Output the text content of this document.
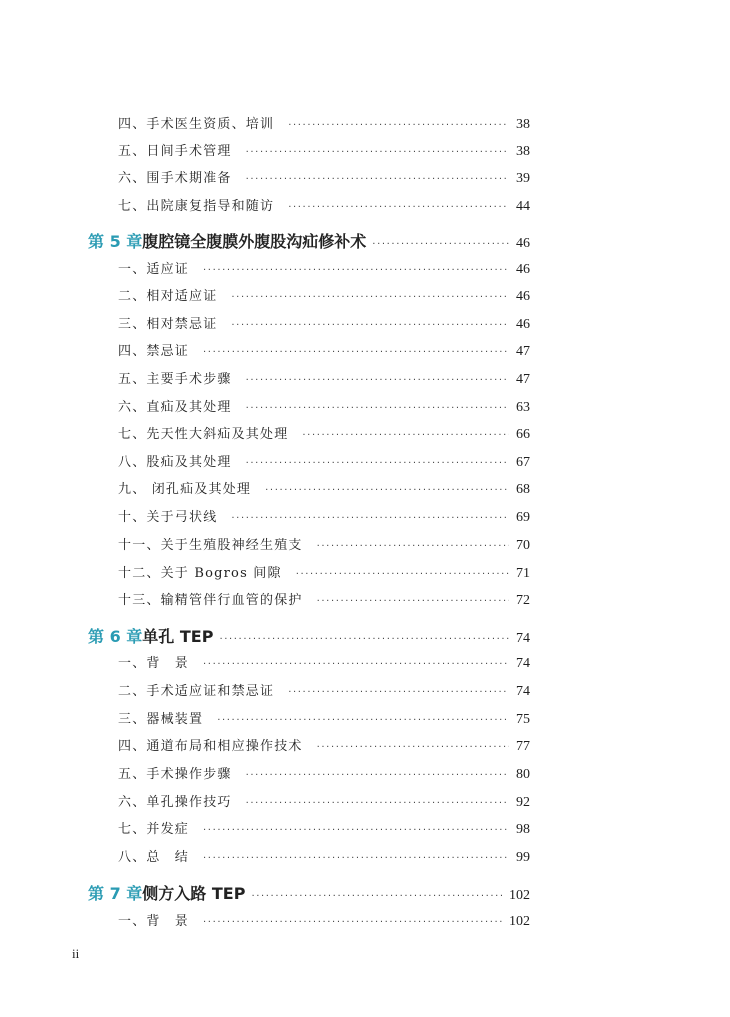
四、手术医生资质、培训 ·····	38
五、日间手术管理 ·····	38
六、围手术期准备 ·····	39
七、出院康复指导和随访 ·····	44
第 5 章 腹腔镜全腹膜外腹股沟疝修补术 ·····	46
一、适应证 ·····	46
二、相对适应证 ·····	46
三、相对禁忌证 ·····	46
四、禁忌证 ·····	47
五、主要手术步骤 ·····	47
六、直疝及其处理 ·····	63
七、先天性大斜疝及其处理 ·····	66
八、股疝及其处理 ·····	67
九、 闭孔疝及其处理 ·····	68
十、关于弓状线 ·····	69
十一、关于生殖股神经生殖支 ·····	70
十二、关于 Bogros 间隙 ·····	71
十三、输精管伴行血管的保护 ·····	72
第 6 章 单孔 TEP ·····	74
一、背　景 ·····	74
二、手术适应证和禁忌证 ·····	74
三、器械装置 ·····	75
四、通道布局和相应操作技术 ·····	77
五、手术操作步骤 ·····	80
六、单孔操作技巧 ·····	92
七、并发症 ·····	98
八、总　结 ·····	99
第 7 章 侧方入路 TEP ·····	102
一、背　景 ·····	102
ii
